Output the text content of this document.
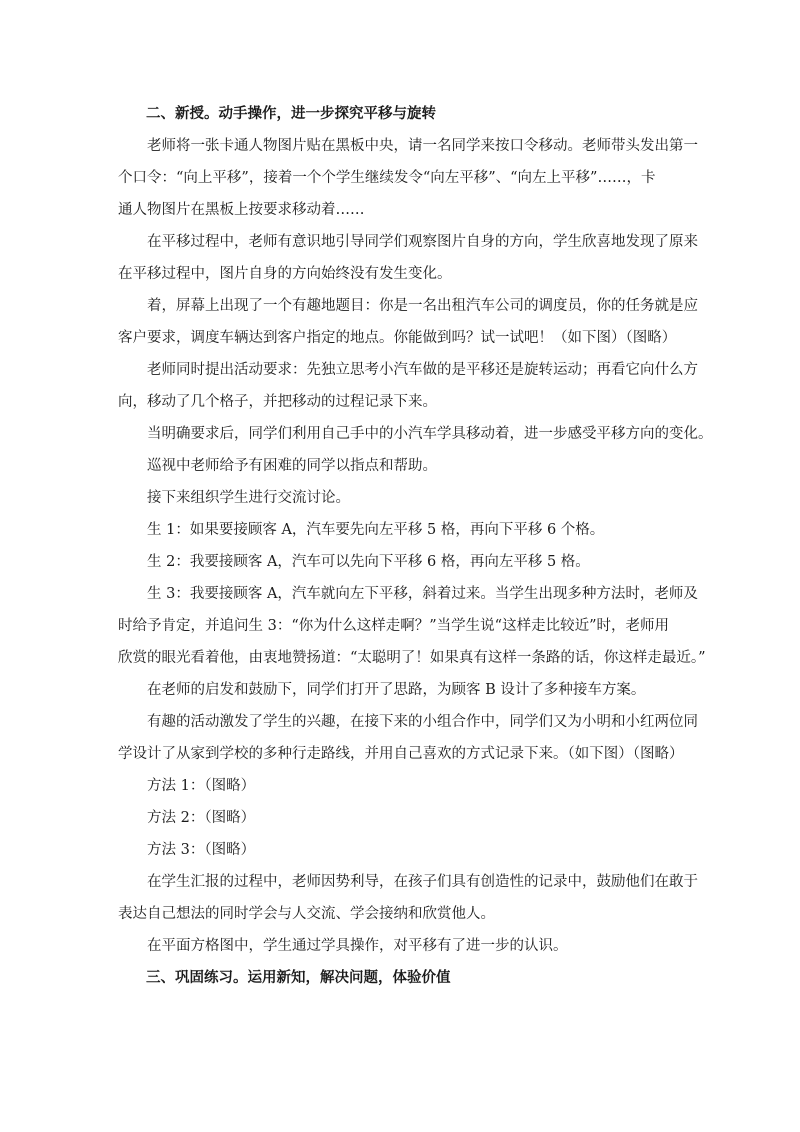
二、新授。动手操作，进一步探究平移与旋转

老师将一张卡通人物图片贴在黑板中央，请一名同学来按口令移动。老师带头发出第一
个口令：“向上平移”，接着一个个学生继续发令“向左平移”、“向左上平移”……，卡
通人物图片在黑板上按要求移动着……
在平移过程中，老师有意识地引导同学们观察图片自身的方向，学生欣喜地发现了原来
在平移过程中，图片自身的方向始终没有发生变化。
着，屏幕上出现了一个有趣地题目：你是一名出租汽车公司的调度员，你的任务就是应
客户要求，调度车辆达到客户指定的地点。你能做到吗？试一试吧！（如下图）（图略）
老师同时提出活动要求：先独立思考小汽车做的是平移还是旋转运动；再看它向什么方
向，移动了几个格子，并把移动的过程记录下来。
当明确要求后，同学们利用自己手中的小汽车学具移动着，进一步感受平移方向的变化。
巡视中老师给予有困难的同学以指点和帮助。
接下来组织学生进行交流讨论。
生 1：如果要接顾客 A，汽车要先向左平移 5 格，再向下平移 6 个格。
生 2：我要接顾客 A，汽车可以先向下平移 6 格，再向左平移 5 格。
生 3：我要接顾客 A，汽车就向左下平移，斜着过来。当学生出现多种方法时，老师及
时给予肯定，并追问生 3：“你为什么这样走啊？”当学生说“这样走比较近”时，老师用
欣赏的眼光看着他，由衷地赞扬道：“太聪明了！如果真有这样一条路的话，你这样走最近。”
在老师的启发和鼓励下，同学们打开了思路，为顾客 B 设计了多种接车方案。
有趣的活动激发了学生的兴趣，在接下来的小组合作中，同学们又为小明和小红两位同
学设计了从家到学校的多种行走路线，并用自己喜欢的方式记录下来。（如下图）（图略）
方法 1：（图略）
方法 2：（图略）
方法 3：（图略）
在学生汇报的过程中，老师因势利导，在孩子们具有创造性的记录中，鼓励他们在敢于
表达自己想法的同时学会与人交流、学会接纳和欣赏他人。
在平面方格图中，学生通过学具操作，对平移有了进一步的认识。

三、巩固练习。运用新知，解决问题，体验价值
